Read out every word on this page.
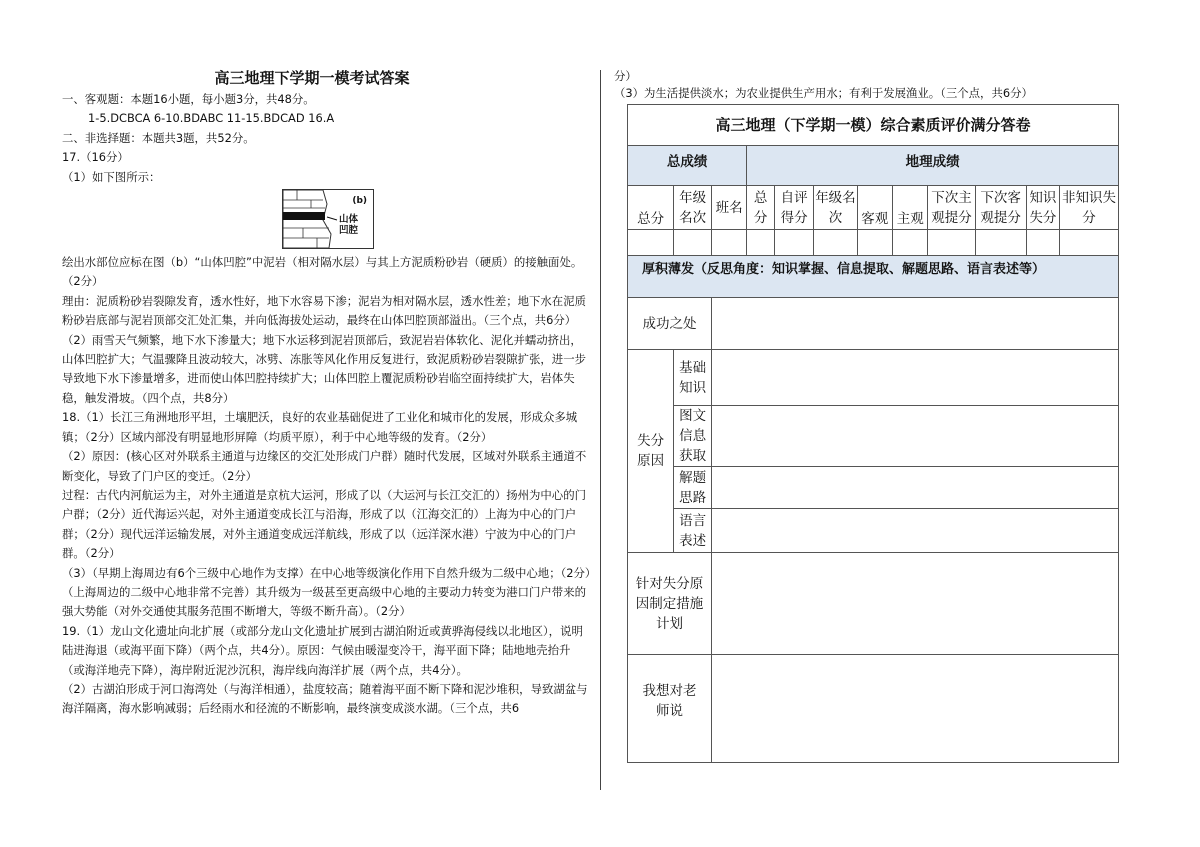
高三地理下学期一模考试答案

一、客观题：本题16小题，每小题3分，共48分。

1-5.DCBCA 6-10.BDABC 11-15.BDCAD 16.A

二、非选择题：本题共3题，共52分。

17.（16分）

（1）如下图所示：

(b)
山体
凹腔

绘出水部位应标在图（b）“山体凹腔”中泥岩（相对隔水层）与其上方泥质粉砂岩（硬质）的接触面处。（2分）

理由：泥质粉砂岩裂隙发育，透水性好，地下水容易下渗；泥岩为相对隔水层，透水性差；地下水在泥质粉砂岩底部与泥岩顶部交汇处汇集，并向低海拔处运动，最终在山体凹腔顶部溢出。（三个点，共6分）

（2）雨雪天气频繁，地下水下渗量大；地下水运移到泥岩顶部后，致泥岩岩体软化、泥化并蠕动挤出，山体凹腔扩大；气温骤降且波动较大，冰劈、冻胀等风化作用反复进行，致泥质粉砂岩裂隙扩张，进一步导致地下水下渗量增多，进而使山体凹腔持续扩大；山体凹腔上覆泥质粉砂岩临空面持续扩大，岩体失稳，触发滑坡。（四个点，共8分）

18.（1）长江三角洲地形平坦，土壤肥沃，良好的农业基础促进了工业化和城市化的发展，形成众多城镇；（2分）区域内部没有明显地形屏障（均质平原），利于中心地等级的发育。（2分）

（2）原因：(核心区对外联系主通道与边缘区的交汇处形成门户群）随时代发展，区域对外联系主通道不断变化，导致了门户区的变迁。（2分）

过程：古代内河航运为主，对外主通道是京杭大运河，形成了以（大运河与长江交汇的）扬州为中心的门户群；（2分）近代海运兴起，对外主通道变成长江与沿海，形成了以（江海交汇的）上海为中心的门户群；（2分）现代远洋运输发展，对外主通道变成远洋航线，形成了以（远洋深水港）宁波为中心的门户群。（2分）

（3）（早期上海周边有6个三级中心地作为支撑）在中心地等级演化作用下自然升级为二级中心地；（2分）（上海周边的二级中心地非常不完善）其升级为一级甚至更高级中心地的主要动力转变为港口门户带来的强大势能（对外交通使其服务范围不断增大，等级不断升高）。（2分）

19.（1）龙山文化遗址向北扩展（或部分龙山文化遗址扩展到古湖泊附近或黄骅海侵线以北地区），说明陆进海退（或海平面下降）（两个点，共4分）。原因：气候由暖湿变冷干，海平面下降；陆地地壳抬升（或海洋地壳下降），海岸附近泥沙沉积，海岸线向海洋扩展（两个点，共4分）。

（2）古湖泊形成于河口海湾处（与海洋相通），盐度较高；随着海平面不断下降和泥沙堆积，导致湖盆与海洋隔离，海水影响减弱；后经雨水和径流的不断影响，最终演变成淡水湖。（三个点，共6

分）
（3）为生活提供淡水；为农业提供生产用水；有利于发展渔业。（三个点，共6分）
高三地理（下学期一模）综合素质评价满分答卷											
总成绩			地理成绩								
总分	年级名次	班名	总分	自评得分	年级名次	客观	主观	下次主观提分	下次客观提分	知识失分	非知识失分

厚积薄发（反思角度：知识掌握、信息提取、解题思路、语言表述等）											
成功之处											
失分原因	基础知识										
	图文信息获取										
	解题思路										
	语言表述										
针对失分原因制定措施计划											
我想对老师说											
